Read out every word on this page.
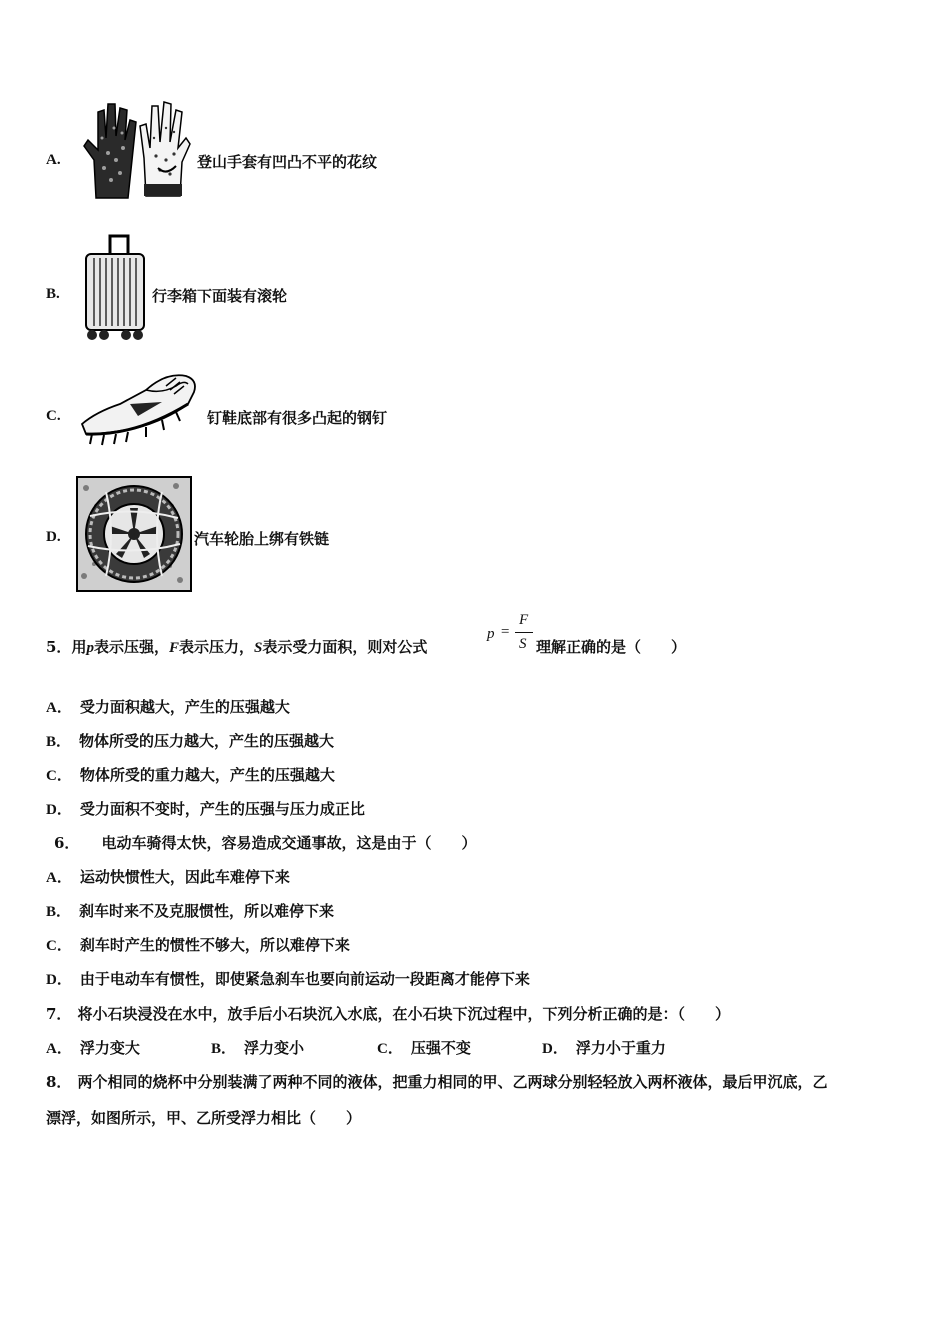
A.	登山手套有凹凸不平的花纹
B.	行李箱下面装有滚轮
C.	钉鞋底部有很多凸起的钢钉
D.	汽车轮胎上绑有铁链
5．用p表示压强，F表示压力，S表示受力面积，则对公式
p =
F
S 理解正确的是（　　）
A． 受力面积越大，产生的压强越大
B． 物体所受的压力越大，产生的压强越大
C． 物体所受的重力越大，产生的压强越大
D． 受力面积不变时，产生的压强与压力成正比
6． 电动车骑得太快，容易造成交通事故，这是由于（　　）
A． 运动快惯性大，因此车难停下来
B． 刹车时来不及克服惯性，所以难停下来
C． 刹车时产生的惯性不够大，所以难停下来
D． 由于电动车有惯性，即使紧急刹车也要向前运动一段距离才能停下来
7． 将小石块浸没在水中，放手后小石块沉入水底，在小石块下沉过程中，下列分析正确的是：（　　）
A． 浮力变大	B． 浮力变小	C． 压强不变	D． 浮力小于重力
8． 两个相同的烧杯中分别装满了两种不同的液体，把重力相同的甲、乙两球分别轻轻放入两杯液体，最后甲沉底，乙
漂浮，如图所示，甲、乙所受浮力相比（　　）
